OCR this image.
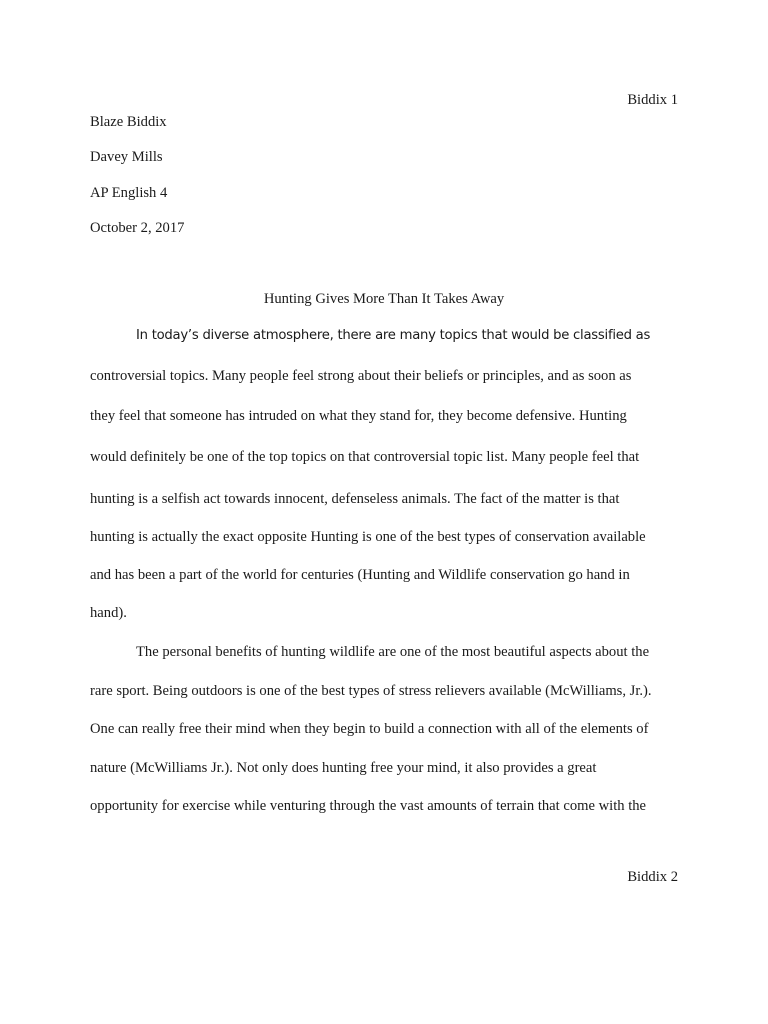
Biddix 1
Blaze Biddix
Davey Mills
AP English 4
October 2, 2017
Hunting Gives More Than It Takes Away
In today’s diverse atmosphere, there are many topics that would be classified as
controversial topics. Many people feel strong about their beliefs or principles, and as soon as
they feel that someone has intruded on what they stand for, they become defensive. Hunting
would definitely be one of the top topics on that controversial topic list. Many people feel that
hunting is a selfish act towards innocent, defenseless animals. The fact of the matter is that
hunting is actually the exact opposite Hunting is one of the best types of conservation available
and has been a part of the world for centuries (Hunting and Wildlife conservation go hand in
hand).
The personal benefits of hunting wildlife are one of the most beautiful aspects about the
rare sport. Being outdoors is one of the best types of stress relievers available (McWilliams, Jr.).
One can really free their mind when they begin to build a connection with all of the elements of
nature (McWilliams Jr.). Not only does hunting free your mind, it also provides a great
opportunity for exercise while venturing through the vast amounts of terrain that come with the
Biddix 2
